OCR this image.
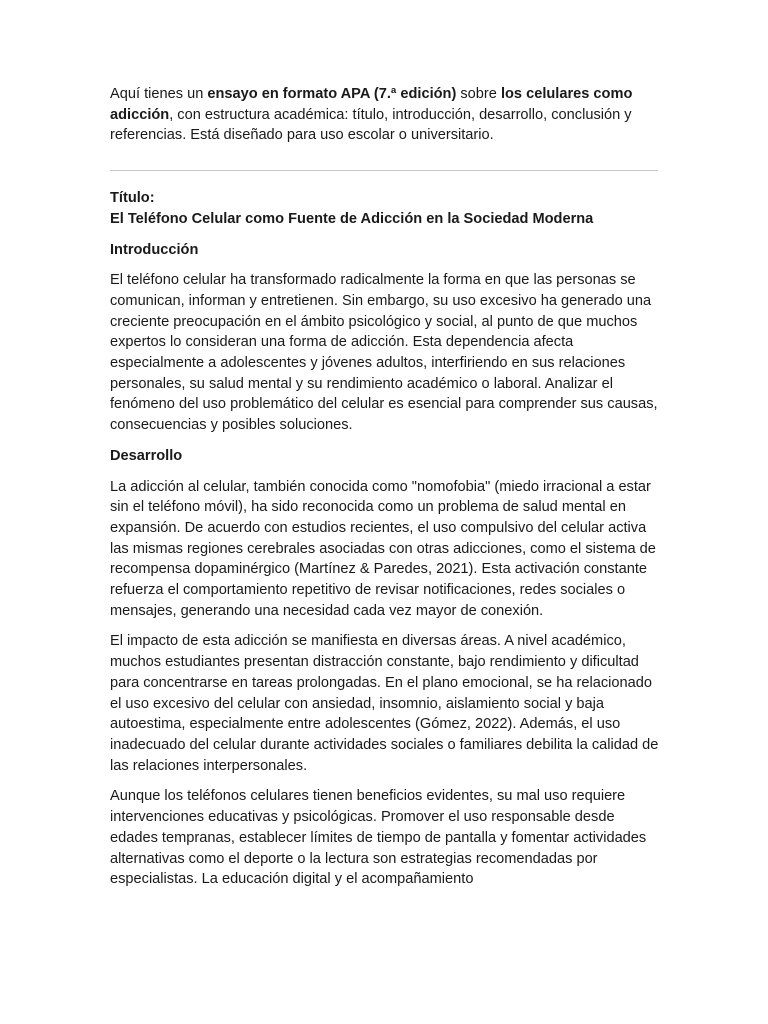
Aquí tienes un ensayo en formato APA (7.ª edición) sobre los celulares como adicción, con estructura académica: título, introducción, desarrollo, conclusión y referencias. Está diseñado para uso escolar o universitario.

Título:
El Teléfono Celular como Fuente de Adicción en la Sociedad Moderna
Introducción

El teléfono celular ha transformado radicalmente la forma en que las personas se comunican, informan y entretienen. Sin embargo, su uso excesivo ha generado una creciente preocupación en el ámbito psicológico y social, al punto de que muchos expertos lo consideran una forma de adicción. Esta dependencia afecta especialmente a adolescentes y jóvenes adultos, interfiriendo en sus relaciones personales, su salud mental y su rendimiento académico o laboral. Analizar el fenómeno del uso problemático del celular es esencial para comprender sus causas, consecuencias y posibles soluciones.

Desarrollo

La adicción al celular, también conocida como "nomofobia" (miedo irracional a estar sin el teléfono móvil), ha sido reconocida como un problema de salud mental en expansión. De acuerdo con estudios recientes, el uso compulsivo del celular activa las mismas regiones cerebrales asociadas con otras adicciones, como el sistema de recompensa dopaminérgico (Martínez & Paredes, 2021). Esta activación constante refuerza el comportamiento repetitivo de revisar notificaciones, redes sociales o mensajes, generando una necesidad cada vez mayor de conexión.

El impacto de esta adicción se manifiesta en diversas áreas. A nivel académico, muchos estudiantes presentan distracción constante, bajo rendimiento y dificultad para concentrarse en tareas prolongadas. En el plano emocional, se ha relacionado el uso excesivo del celular con ansiedad, insomnio, aislamiento social y baja autoestima, especialmente entre adolescentes (Gómez, 2022). Además, el uso inadecuado del celular durante actividades sociales o familiares debilita la calidad de las relaciones interpersonales.

Aunque los teléfonos celulares tienen beneficios evidentes, su mal uso requiere intervenciones educativas y psicológicas. Promover el uso responsable desde edades tempranas, establecer límites de tiempo de pantalla y fomentar actividades alternativas como el deporte o la lectura son estrategias recomendadas por especialistas. La educación digital y el acompañamiento
